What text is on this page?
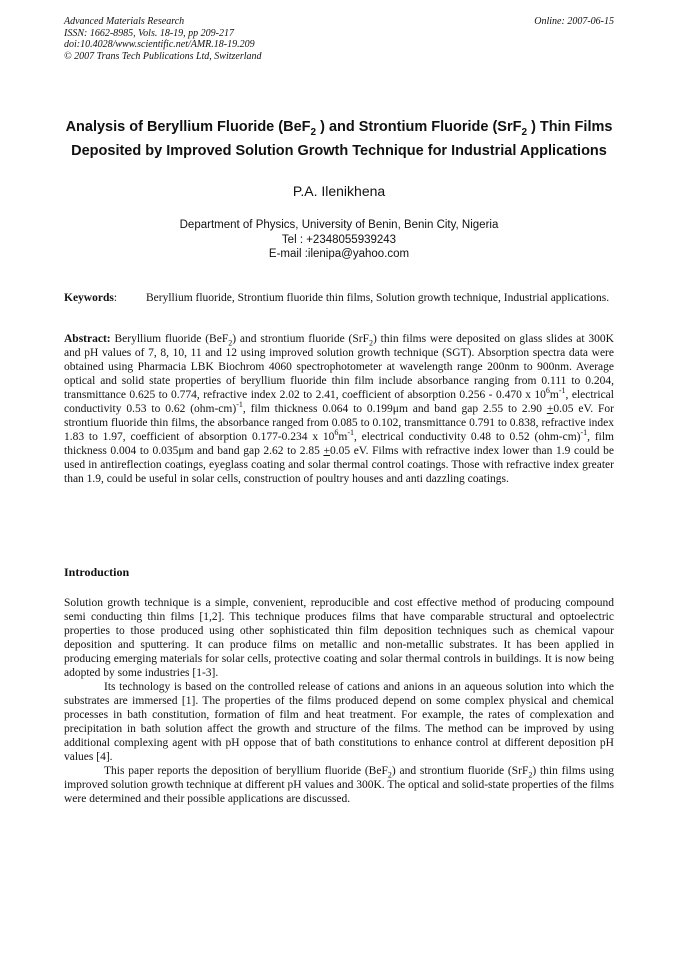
Advanced Materials Research
ISSN: 1662-8985, Vols. 18-19, pp 209-217
doi:10.4028/www.scientific.net/AMR.18-19.209
© 2007 Trans Tech Publications Ltd, Switzerland
Online: 2007-06-15
Analysis of Beryllium Fluoride (BeF$_2$ ) and Strontium Fluoride (SrF$_2$ ) Thin Films Deposited by Improved Solution Growth Technique for Industrial Applications
P.A. Ilenikhena
Department of Physics, University of Benin, Benin City, Nigeria
Tel : +2348055939243
E-mail :ilenipa@yahoo.com
Keywords:	Beryllium fluoride, Strontium fluoride thin films, Solution growth technique, Industrial applications.
Abstract: Beryllium fluoride (BeF$_2$) and strontium fluoride (SrF$_2$) thin films were deposited on glass slides at 300K and pH values of 7, 8, 10, 11 and 12 using improved solution growth technique (SGT). Absorption spectra data were obtained using Pharmacia LBK Biochrom 4060 spectrophotometer at wavelength range 200nm to 900nm. Average optical and solid state properties of beryllium fluoride thin film include absorbance ranging from 0.111 to 0.204, transmittance 0.625 to 0.774, refractive index 2.02 to 2.41, coefficient of absorption 0.256 - 0.470 x $10^6m^{-1}$, electrical conductivity 0.53 to 0.62 $(ohm-cm)^{-1}$, film thickness 0.064 to 0.199μm and band gap 2.55 to 2.90 +0.05 eV. For strontium fluoride thin films, the absorbance ranged from 0.085 to 0.102, transmittance 0.791 to 0.838, refractive index 1.83 to 1.97, coefficient of absorption 0.177-0.234 x $10^6m^{-1}$, electrical conductivity 0.48 to 0.52 $(ohm-cm)^{-1}$, film thickness 0.004 to 0.035μm and band gap 2.62 to 2.85 +0.05 eV. Films with refractive index lower than 1.9 could be used in antireflection coatings, eyeglass coating and solar thermal control coatings. Those with refractive index greater than 1.9, could be useful in solar cells, construction of poultry houses and anti dazzling coatings.
Introduction

Solution growth technique is a simple, convenient, reproducible and cost effective method of producing compound semi conducting thin films [1,2]. This technique produces films that have comparable structural and optoelectric properties to those produced using other sophisticated thin film deposition techniques such as chemical vapour deposition and sputtering. It can produce films on metallic and non-metallic substrates. It has been applied in producing emerging materials for solar cells, protective coating and solar thermal controls in buildings. It is now being adopted by some industries [1-3].

Its technology is based on the controlled release of cations and anions in an aqueous solution into which the substrates are immersed [1]. The properties of the films produced depend on some complex physical and chemical processes in bath constitution, formation of film and heat treatment. For example, the rates of complexation and precipitation in bath solution affect the growth and structure of the films. The method can be improved by using additional complexing agent with pH oppose that of bath constitutions to enhance control at different deposition pH values [4].

This paper reports the deposition of beryllium fluoride (BeF$_2$) and strontium fluoride (SrF$_2$) thin films using improved solution growth technique at different pH values and 300K. The optical and solid-state properties of the films were determined and their possible applications are discussed.
